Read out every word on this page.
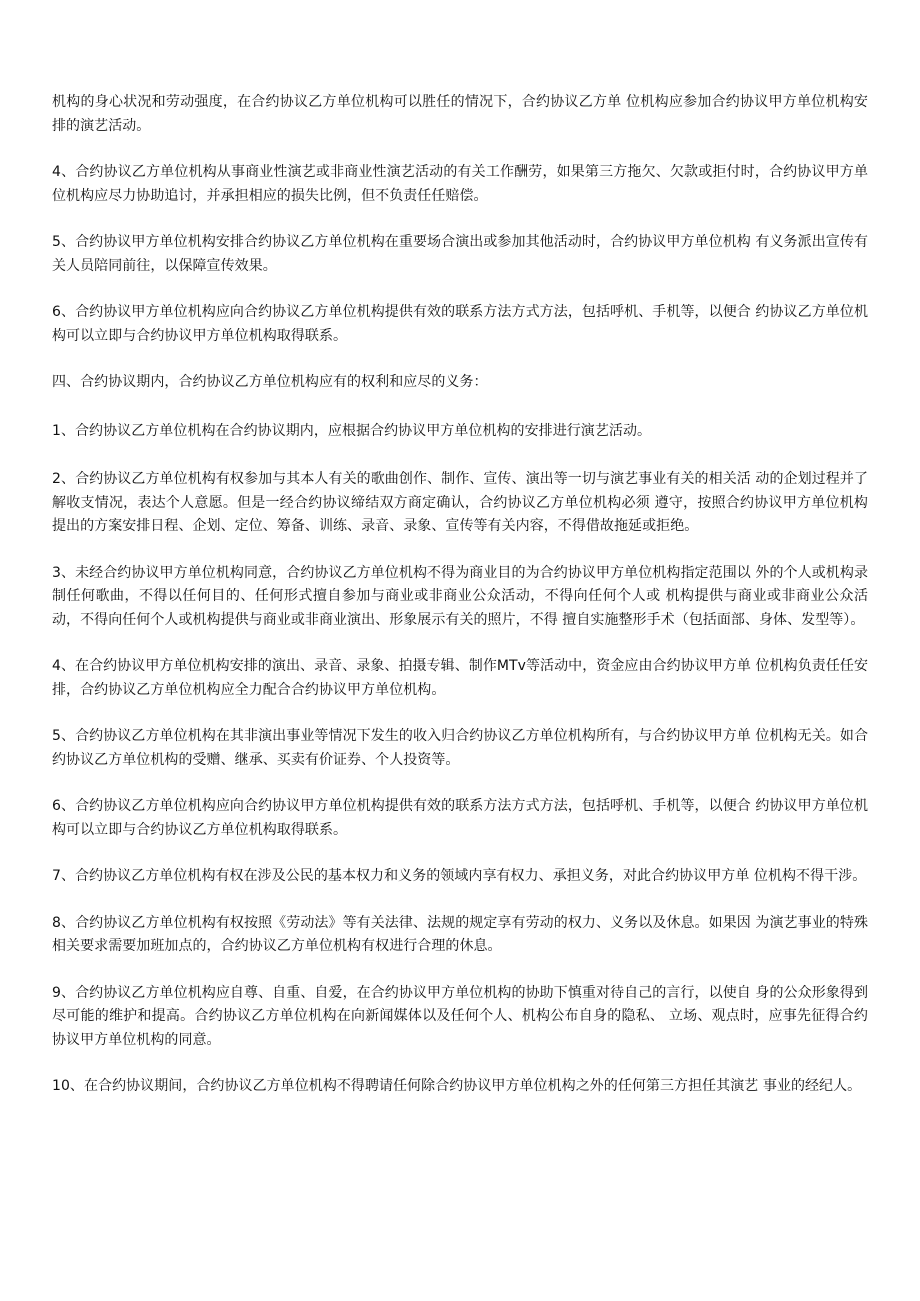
机构的身心状况和劳动强度，在合约协议乙方单位机构可以胜任的情况下，合约协议乙方单 位机构应参加合约协议甲方单位机构安排的演艺活动。

4、合约协议乙方单位机构从事商业性演艺或非商业性演艺活动的有关工作酬劳，如果第三方拖欠、欠款或拒付时，合约协议甲方单位机构应尽力协助追讨，并承担相应的损失比例，但不负责任任赔偿。

5、合约协议甲方单位机构安排合约协议乙方单位机构在重要场合演出或参加其他活动时，合约协议甲方单位机构 有义务派出宣传有关人员陪同前往，以保障宣传效果。

6、合约协议甲方单位机构应向合约协议乙方单位机构提供有效的联系方法方式方法，包括呼机、手机等，以便合 约协议乙方单位机构可以立即与合约协议甲方单位机构取得联系。

四、合约协议期内，合约协议乙方单位机构应有的权利和应尽的义务：

1、合约协议乙方单位机构在合约协议期内，应根据合约协议甲方单位机构的安排进行演艺活动。

2、合约协议乙方单位机构有权参加与其本人有关的歌曲创作、制作、宣传、演出等一切与演艺事业有关的相关活 动的企划过程并了解收支情况，表达个人意愿。但是一经合约协议缔结双方商定确认，合约协议乙方单位机构必须 遵守，按照合约协议甲方单位机构提出的方案安排日程、企划、定位、筹备、训练、录音、录象、宣传等有关内容，不得借故拖延或拒绝。

3、未经合约协议甲方单位机构同意，合约协议乙方单位机构不得为商业目的为合约协议甲方单位机构指定范围以 外的个人或机构录制任何歌曲，不得以任何目的、任何形式擅自参加与商业或非商业公众活动，不得向任何个人或 机构提供与商业或非商业公众活动，不得向任何个人或机构提供与商业或非商业演出、形象展示有关的照片，不得 擅自实施整形手术（包括面部、身体、发型等）。

4、在合约协议甲方单位机构安排的演出、录音、录象、拍摄专辑、制作MTv等活动中，资金应由合约协议甲方单 位机构负责任任安排，合约协议乙方单位机构应全力配合合约协议甲方单位机构。

5、合约协议乙方单位机构在其非演出事业等情况下发生的收入归合约协议乙方单位机构所有，与合约协议甲方单 位机构无关。如合约协议乙方单位机构的受赠、继承、买卖有价证券、个人投资等。

6、合约协议乙方单位机构应向合约协议甲方单位机构提供有效的联系方法方式方法，包括呼机、手机等，以便合 约协议甲方单位机构可以立即与合约协议乙方单位机构取得联系。

7、合约协议乙方单位机构有权在涉及公民的基本权力和义务的领域内享有权力、承担义务，对此合约协议甲方单 位机构不得干涉。

8、合约协议乙方单位机构有权按照《劳动法》等有关法律、法规的规定享有劳动的权力、义务以及休息。如果因 为演艺事业的特殊相关要求需要加班加点的，合约协议乙方单位机构有权进行合理的休息。

9、合约协议乙方单位机构应自尊、自重、自爱，在合约协议甲方单位机构的协助下慎重对待自己的言行，以使自 身的公众形象得到尽可能的维护和提高。合约协议乙方单位机构在向新闻媒体以及任何个人、机构公布自身的隐私、 立场、观点时，应事先征得合约协议甲方单位机构的同意。

10、在合约协议期间，合约协议乙方单位机构不得聘请任何除合约协议甲方单位机构之外的任何第三方担任其演艺 事业的经纪人。
